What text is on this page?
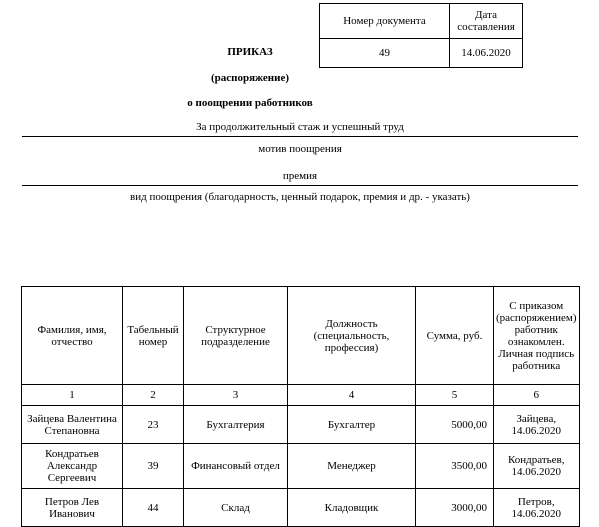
Номер документа	Дата составления
49	14.06.2020
ПРИКАЗ
(распоряжение)
о поощрении работников
За продолжительный стаж и успешный труд
мотив поощрения
премия
вид поощрения (благодарность, ценный подарок, премия и др. - указать)
Фамилия, имя, отчество	Табельный номер	Структурное подразделение	Должность (специальность, профессия)	Сумма, руб.	С приказом (распоряжением) работник ознакомлен. Личная подпись работника
1	2	3	4	5	6
Зайцева Валентина Степановна	23	Бухгалтерия	Бухгалтер	5000,00	Зайцева, 14.06.2020
Кондратьев Александр Сергеевич	39	Финансовый отдел	Менеджер	3500,00	Кондратьев, 14.06.2020
Петров Лев Иванович	44	Склад	Кладовщик	3000,00	Петров, 14.06.2020
